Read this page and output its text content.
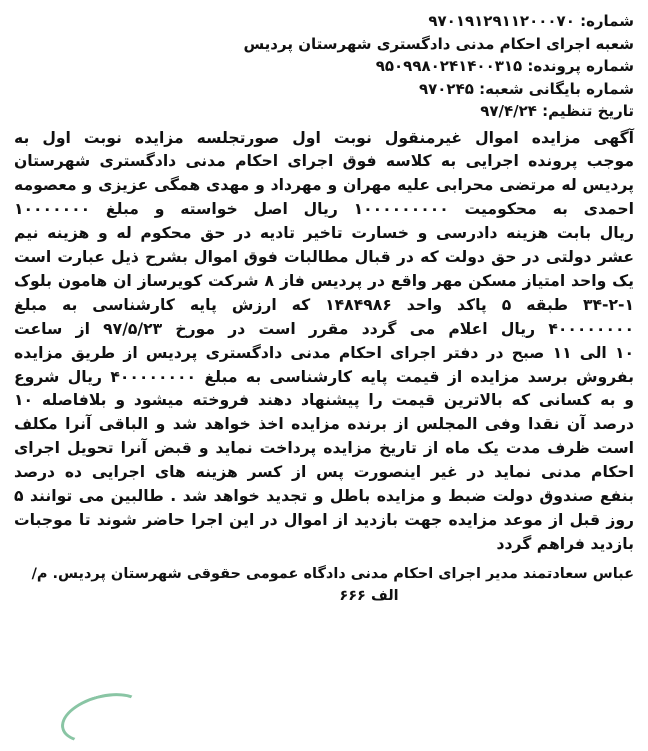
شماره: ۹۷۰۱۹۱۲۹۱۱۲۰۰۰۷۰
شعبه اجرای احکام مدنی دادگستری شهرستان پردیس
شماره پرونده: ۹۵۰۹۹۸۰۲۴۱۴۰۰۳۱۵
شماره بایگانی شعبه: ۹۷۰۲۴۵
تاریخ تنظیم: ۹۷/۴/۲۴
آگهی مزایده اموال غیرمنقول نوبت اول صورتجلسه مزایده نوبت اول به
موجب پرونده اجرایی به کلاسه فوق اجرای احکام مدنی دادگستری شهرستان
پردیس له مرتضی محرابی علیه مهران و مهرداد و مهدی همگی عزیزی و معصومه
احمدی به محکومیت ۱۰۰۰۰۰۰۰۰۰ ریال اصل خواسته و مبلغ ۱۰۰۰۰۰۰۰
ریال بابت هزینه دادرسی و خسارت تاخیر تادیه در حق محکوم له و هزینه نیم
عشر دولتی در حق دولت که در قبال مطالبات فوق اموال بشرح ذیل عبارت است
یک واحد امتیاز مسکن مهر واقع در پردیس فاز ۸ شرکت کویرساز ان هامون بلوک
۳۴-۲-۱ طبقه ۵ پاکد واحد ۱۴۸۴۹۸۶ که ارزش پایه کارشناسی به مبلغ
۴۰۰۰۰۰۰۰۰ ریال اعلام می گردد مقرر است در مورخ ۹۷/۵/۲۳ از ساعت
۱۰ الی ۱۱ صبح در دفتر اجرای احکام مدنی دادگستری پردیس از طریق مزایده
بفروش برسد مزایده از قیمت پایه کارشناسی به مبلغ ۴۰۰۰۰۰۰۰۰ ریال شروع
و به کسانی که بالاترین قیمت را پیشنهاد دهند فروخته میشود و بلافاصله ۱۰
درصد آن نقدا وفی المجلس از برنده مزایده اخذ خواهد شد و الباقی آنرا مکلف
است ظرف مدت یک ماه از تاریخ مزایده پرداخت نماید و قبض آنرا تحویل اجرای
احکام مدنی نماید در غیر اینصورت پس از کسر هزینه های اجرایی ده درصد
بنفع صندوق دولت ضبط و مزایده باطل و تجدید خواهد شد . طالبین می توانند ۵
روز قبل از موعد مزایده جهت بازدید از اموال در این اجرا حاضر شوند تا موجبات
بازدید فراهم گردد
عباس سعادتمند مدیر اجرای احکام مدنی دادگاه عمومی حقوقی شهرستان پردیس. م/
الف ۶۶۶
